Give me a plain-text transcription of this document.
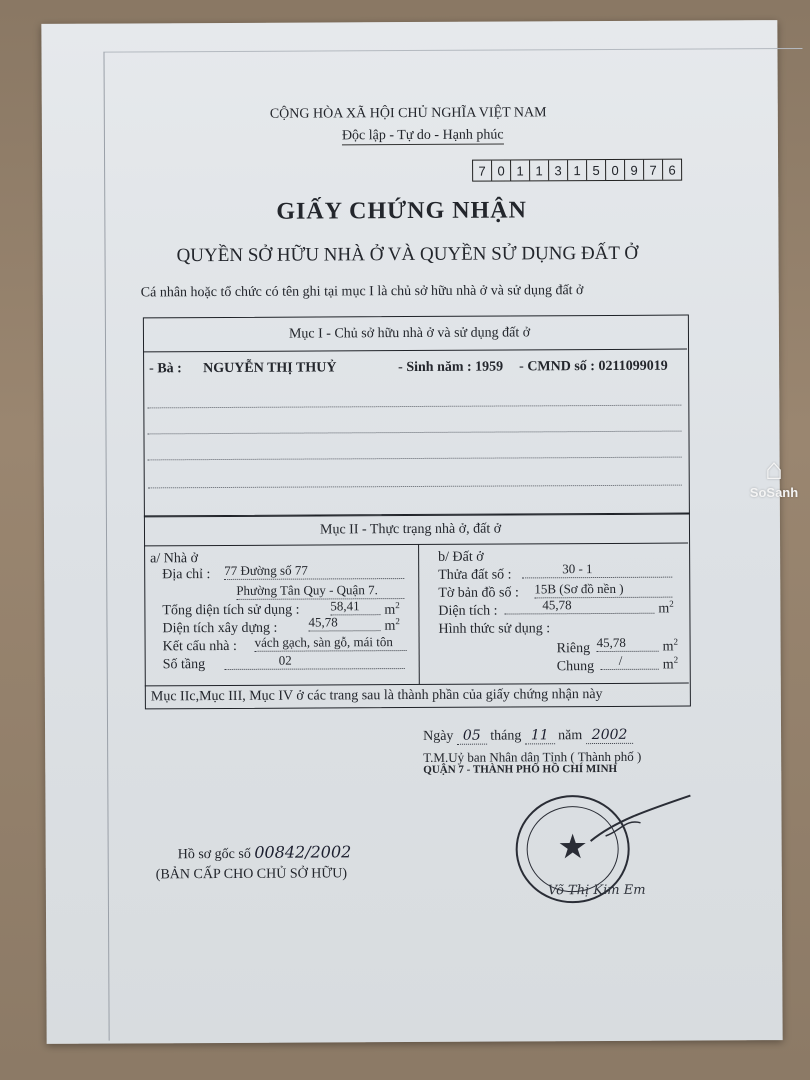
CỘNG HÒA XÃ HỘI CHỦ NGHĨA VIỆT NAM
Độc lập - Tự do - Hạnh phúc
7 0 1 1 3 1 5 0 9 7 6
GIẤY CHỨNG NHẬN
QUYỀN SỞ HỮU NHÀ Ở VÀ QUYỀN SỬ DỤNG ĐẤT Ở
Cá nhân hoặc tổ chức có tên ghi tại mục I là chủ sở hữu nhà ở và sử dụng đất ở
Mục I - Chủ sở hữu nhà ở và sử dụng đất ở
- Bà : NGUYỄN THỊ THUỶ	- Sinh năm : 1959 - CMND số : 0211099019
Mục II - Thực trạng nhà ở, đất ở
a/ Nhà ở
Địa chỉ : 77 Đường số 77
Phường Tân Quy - Quận 7.
Tổng diện tích sử dụng : 58,41	$m^2$
Diện tích xây dựng : 45,78	$m^2$
Kết cấu nhà : vách gạch, sàn gỗ, mái tôn
Số tầng	02
b/ Đất ở
Thửa đất số :	30 - 1
Tờ bản đồ số : 15B (Sơ đồ nền )
Diện tích :	45,78	$m^2$
Hình thức sử dụng :
Riêng 45,78	$m^2$
Chung	/	$m^2$
Mục IIc,Mục III, Mục IV ở các trang sau là thành phần của giấy chứng nhận này
Ngày 05 tháng 11 năm 2002
T.M.Uỷ ban Nhân dân Tỉnh ( Thành phố )
QUẬN 7 - THÀNH PHỐ HỒ CHÍ MINH
★
Võ Thị Kim Em
Hồ sơ gốc số 00842/2002
(BẢN CẤP CHO CHỦ SỞ HỮU)
⌂
SoSanh
